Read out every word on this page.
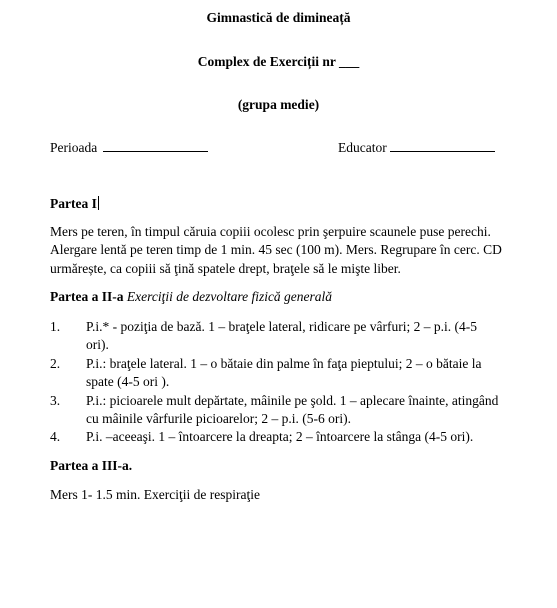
Gimnastică de dimineață
Complex de Exerciții nr ___
(grupa medie)
Perioada	Educator
Partea I
Mers pe teren, în timpul căruia copiii ocolesc prin şerpuire scaunele puse perechi. Alergare lentă pe teren timp de 1 min. 45 sec (100 m). Mers. Regrupare în cerc. CD urmărește, ca copiii să ţină spatele drept, braţele să le mişte liber.
Partea a II-a Exerciţii de dezvoltare fizică generală
1. P.i.* - poziţia de bază. 1 – braţele lateral, ridicare pe vârfuri; 2 – p.i. (4-5 ori).
2. P.i.: braţele lateral. 1 – o bătaie din palme în faţa pieptului; 2 – o bătaie la spate (4-5 ori ).
3. P.i.: picioarele mult depărtate, mâinile pe şold. 1 – aplecare înainte, atingând cu mâinile vârfurile picioarelor; 2 – p.i. (5-6 ori).
4. P.i. –aceeaşi. 1 – întoarcere la dreapta; 2 – întoarcere la stânga (4-5 ori).
Partea a III-a.
Mers 1- 1.5 min. Exerciţii de respiraţie
